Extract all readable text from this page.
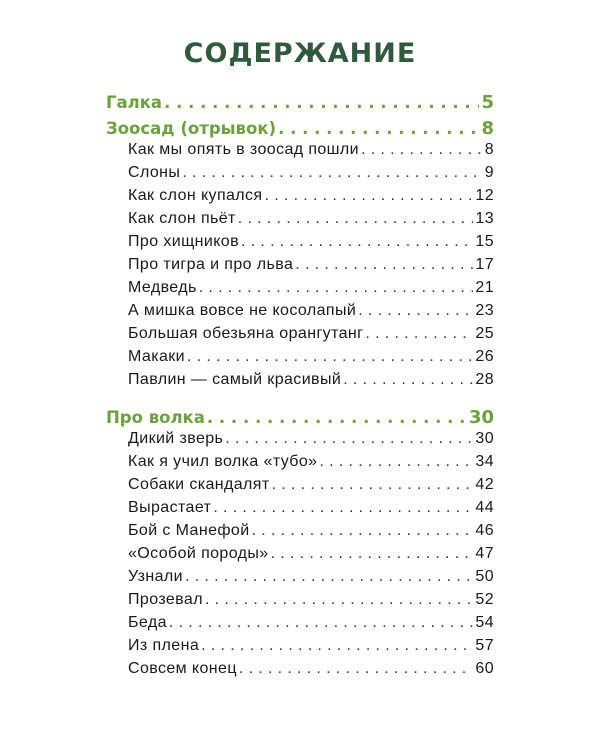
СОДЕРЖАНИЕ
Галка . . .	5
Зоосад (отрывок) . . .	8
Как мы опять в зоосад пошли . . .	8
Слоны . . .	9
Как слон купался . . .	12
Как слон пьёт . . .	13
Про хищников . . .	15
Про тигра и про льва . . .	17
Медведь . . .	21
А мишка вовсе не косолапый . . .	23
Большая обезьяна орангутанг . . .	25
Макаки . . .	26
Павлин — самый красивый . . .	28
Про волка . . .	30
Дикий зверь . . .	30
Как я учил волка «тубо» . . .	34
Собаки скандалят . . .	42
Вырастает . . .	44
Бой с Манефой . . .	46
«Особой породы» . . .	47
Узнали . . .	50
Прозевал . . .	52
Беда . . .	54
Из плена . . .	57
Совсем конец . . .	60
